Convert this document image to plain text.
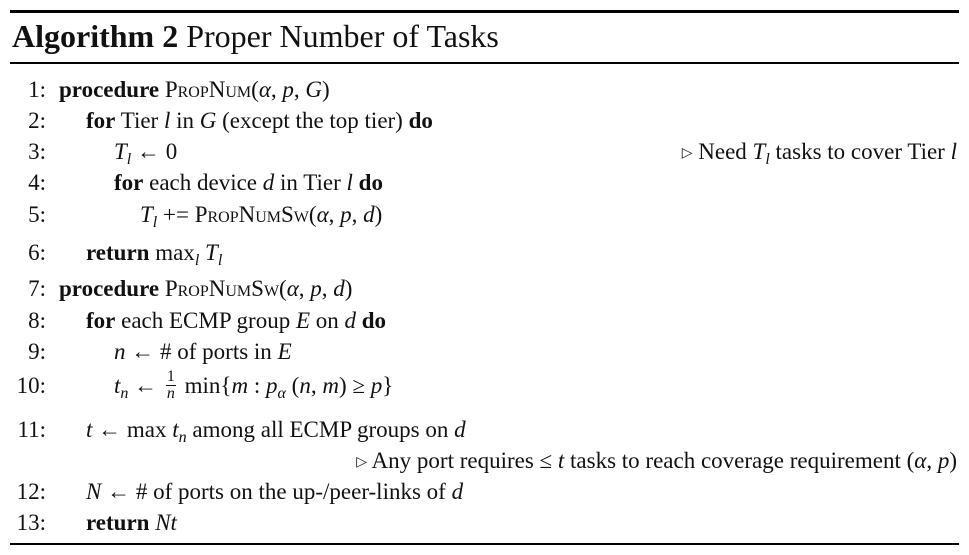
Algorithm 2 Proper Number of Tasks
1: procedure PropNum(α, p, G)
2: for Tier l in G (except the top tier) do
3:	$T_l$ ← 0	▷ Need $T_l$ tasks to cover Tier l
4:	for each device d in Tier l do
5:	$T_l$ += PropNumSw(α, p, d)
6: return $\max_l T_l$
7: procedure PropNumSw(α, p, d)
8: for each ECMP group E on d do
9:	n ← # of ports in E
10:	$t_n$ ← $\frac{1}{n} \min\{m$ : $p_\alpha$ (n, m) ≥ p}
11: t ← $\max t_n$ among all ECMP groups on d
▷ Any port requires ≤ t tasks to reach coverage requirement (α, p)
12: N ← # of ports on the up-/peer-links of d
13: return Nt
